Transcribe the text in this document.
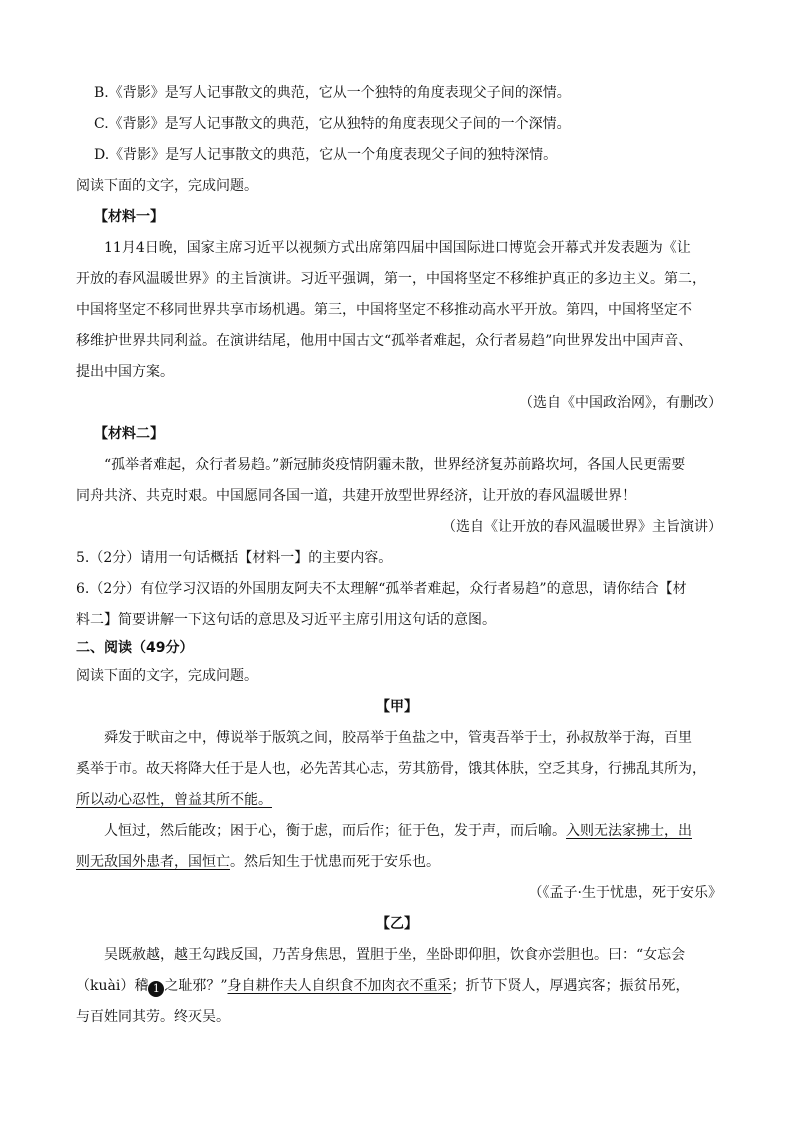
B.《背影》是写人记事散文的典范，它从一个独特的角度表现父子间的深情。
C.《背影》是写人记事散文的典范，它从独特的角度表现父子间的一个深情。
D.《背影》是写人记事散文的典范，它从一个角度表现父子间的独特深情。
阅读下面的文字，完成问题。
【材料一】
11月4日晚，国家主席习近平以视频方式出席第四届中国国际进口博览会开幕式并发表题为《让
开放的春风温暖世界》的主旨演讲。习近平强调，第一，中国将坚定不移维护真正的多边主义。第二，
中国将坚定不移同世界共享市场机遇。第三，中国将坚定不移推动高水平开放。第四，中国将坚定不
移维护世界共同利益。在演讲结尾，他用中国古文“孤举者难起，众行者易趋”向世界发出中国声音、
提出中国方案。
（选自《中国政治网》，有删改）
【材料二】
“孤举者难起，众行者易趋。”新冠肺炎疫情阴霾未散，世界经济复苏前路坎坷，各国人民更需要
同舟共济、共克时艰。中国愿同各国一道，共建开放型世界经济，让开放的春风温暖世界！
（选自《让开放的春风温暖世界》主旨演讲）
5.（2分）请用一句话概括【材料一】的主要内容。
6.（2分）有位学习汉语的外国朋友阿夫不太理解“孤举者难起，众行者易趋”的意思，请你结合【材
料二】简要讲解一下这句话的意思及习近平主席引用这句话的意图。
二、阅读（49分）
阅读下面的文字，完成问题。
【甲】
舜发于畎亩之中，傅说举于版筑之间，胶鬲举于鱼盐之中，管夷吾举于士，孙叔敖举于海，百里
奚举于市。故天将降大任于是人也，必先苦其心志，劳其筋骨，饿其体肤，空乏其身，行拂乱其所为，
所以动心忍性，曾益其所不能。
人恒过，然后能改；困于心，衡于虑，而后作；征于色，发于声，而后喻。入则无法家拂士，出
则无敌国外患者，国恒亡。然后知生于忧患而死于安乐也。
（《孟子·生于忧患，死于安乐》
【乙】
吴既赦越，越王勾践反国，乃苦身焦思，置胆于坐，坐卧即仰胆，饮食亦尝胆也。曰：“女忘会
（kuài）稽 1 之耻邪？”身自耕作夫人自织食不加肉衣不重采；折节下贤人，厚遇宾客；振贫吊死，
与百姓同其劳。终灭吴。
